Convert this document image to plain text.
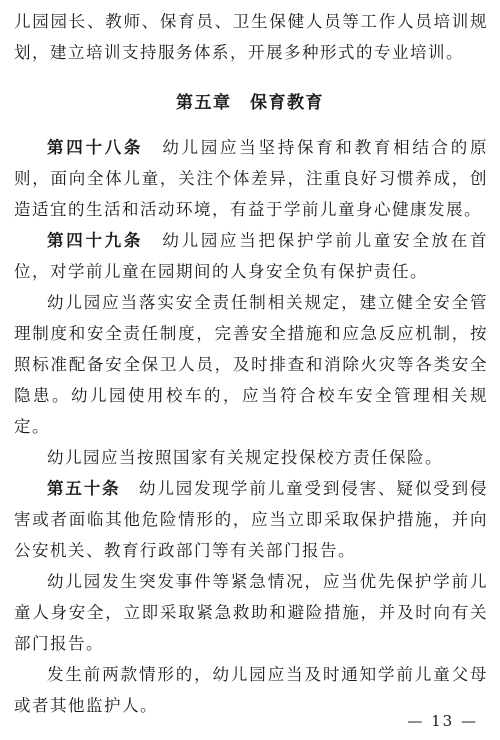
儿园园长、教师、保育员、卫生保健人员等工作人员培训规划，建立培训支持服务体系，开展多种形式的专业培训。

第五章　保育教育

第四十八条 幼儿园应当坚持保育和教育相结合的原则，面向全体儿童，关注个体差异，注重良好习惯养成，创造适宜的生活和活动环境，有益于学前儿童身心健康发展。

第四十九条 幼儿园应当把保护学前儿童安全放在首位，对学前儿童在园期间的人身安全负有保护责任。

幼儿园应当落实安全责任制相关规定，建立健全安全管理制度和安全责任制度，完善安全措施和应急反应机制，按照标准配备安全保卫人员，及时排查和消除火灾等各类安全隐患。幼儿园使用校车的，应当符合校车安全管理相关规定。

幼儿园应当按照国家有关规定投保校方责任保险。

第五十条 幼儿园发现学前儿童受到侵害、疑似受到侵害或者面临其他危险情形的，应当立即采取保护措施，并向公安机关、教育行政部门等有关部门报告。

幼儿园发生突发事件等紧急情况，应当优先保护学前儿童人身安全，立即采取紧急救助和避险措施，并及时向有关部门报告。

发生前两款情形的，幼儿园应当及时通知学前儿童父母或者其他监护人。

— 13 —
